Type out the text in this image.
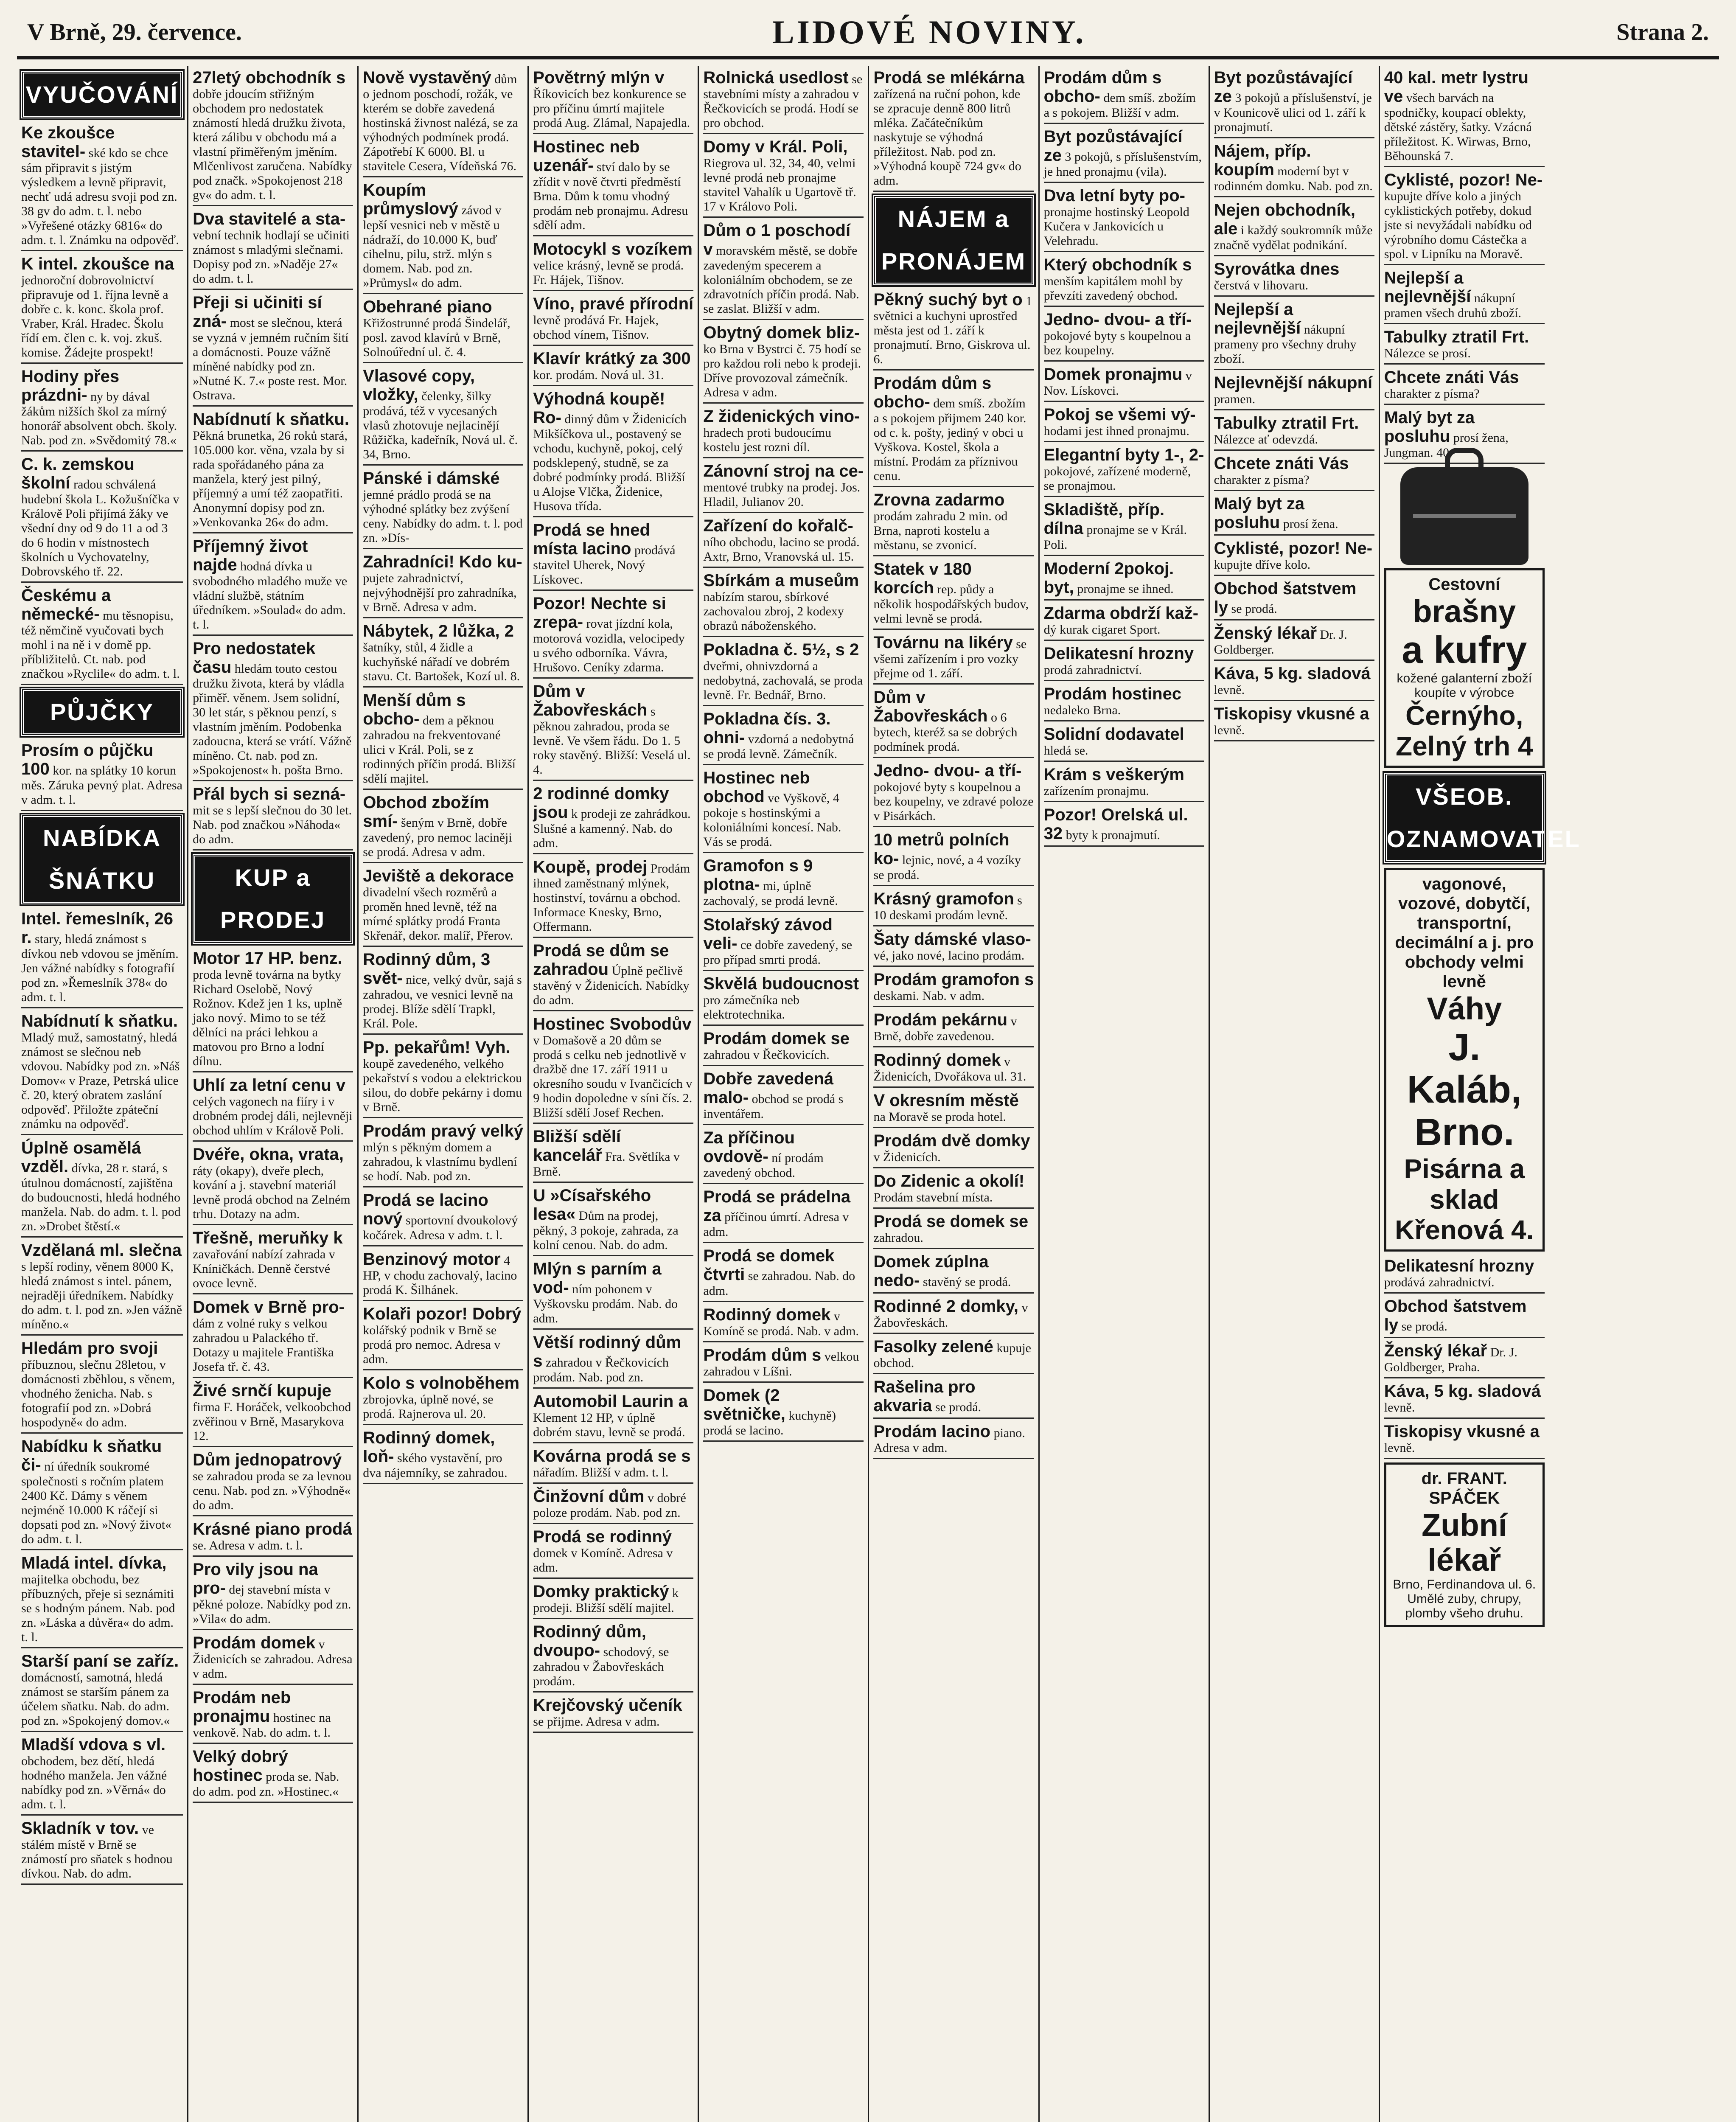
V Brně, 29. července.	LIDOVÉ NOVINY.	Strana 2.
VYUČOVÁNÍ
Ke zkoušce stavitel- ské kdo se chce sám připravit s jistým výsledkem a levně připravit, nechť udá adresu svoji pod zn. 38 gv do adm. t. l. nebo »Vyřešené otázky 6816« do adm. t. l. Známku na odpověď.

K intel. zkoušce na

jednoroční dobrovolnictví připravuje od 1. října levně a dobře c. k. konc. škola prof. Vraber, Král. Hradec. Školu řídí em. člen c. k. voj. zkuš. komise. Žádejte prospekt!

Hodiny přes prázdni- ny by dával žákům nižších škol za mírný honorář absolvent obch. školy. Nab. pod zn. »Svědomitý 78.«

C. k. zemskou školní radou schválená hudební škola L. Kožušníčka v Králově Poli přijímá žáky ve všední dny od 9 do 11 a od 3 do 6 hodin v místnostech školních u Vychovatelny, Dobrovského tř. 22.

Českému a německé- mu těsnopisu, též němčině vyučovati bych mohl i na ně i v domě pp. příbližitelů. Ct. nab. pod značkou »Ryclile« do adm. t. l.

PŮJČKY
Prosím o půjčku 100 kor. na splátky 10 korun měs. Záruka pevný plat. Adresa v adm. t. l.

NABÍDKA ŠNÁTKU
Intel. řemeslník, 26 r. stary, hledá známost s dívkou neb vdovou se jměním. Jen vážné nabídky s fotografií pod zn. »Řemeslník 378« do adm. t. l.

Nabídnutí k sňatku.

Mladý muž, samostatný, hledá známost se slečnou neb vdovou. Nabídky pod zn. »Náš Domov« v Praze, Petrská ulice č. 20, který obratem zaslání odpověď. Přiložte zpáteční známku na odpověď.

Úplně osamělá vzděl. dívka, 28 r. stará, s útulnou domácností, zajištěna do budoucnosti, hledá hodného manžela. Nab. do adm. t. l. pod zn. »Drobet štěstí.«

Vzdělaná ml. slečna

s lepší rodiny, věnem 8000 K, hledá známost s intel. pánem, nejraději úředníkem. Nabídky do adm. t. l. pod zn. »Jen vážně míněno.«

Hledám pro svoji

příbuznou, slečnu 28letou, v domácnosti zběhlou, s věnem, vhodného ženicha. Nab. s fotografií pod zn. »Dobrá hospodyně« do adm.

Nabídku k sňatku či- ní úředník soukromé společnosti s ročním platem 2400 Kč. Dámy s věnem nejméně 10.000 K ráčejí si dopsati pod zn. »Nový život« do adm. t. l.

Mladá intel. dívka,

majitelka obchodu, bez příbuzných, přeje si seznámiti se s hodným pánem. Nab. pod zn. »Láska a důvěra« do adm. t. l.

Starší paní se zaříz.

domácností, samotná, hledá známost se starším pánem za účelem sňatku. Nab. do adm. pod zn. »Spokojený domov.«

Mladší vdova s vl.

obchodem, bez dětí, hledá hodného manžela. Jen vážné nabídky pod zn. »Věrná« do adm. t. l.

Skladník v tov. ve stálém místě v Brně se známostí pro sňatek s hodnou dívkou. Nab. do adm.

27letý obchodník s

dobře jdoucím střižným obchodem pro nedostatek známostí hledá družku života, která zálibu v obchodu má a vlastní přiměřeným jměním. Mlčenlivost zaručena. Nabídky pod značk. »Spokojenost 218 gv« do adm. t. l.

Dva stavitelé a sta-

vební technik hodlají se učiniti známost s mladými slečnami. Dopisy pod zn. »Naděje 27« do adm. t. l.

Přeji si učiniti sí zná- most se slečnou, která se vyzná v jemném ručním šití a domácnosti. Pouze vážně míněné nabídky pod zn. »Nutné K. 7.« poste rest. Mor. Ostrava.

Nabídnutí k sňatku.

Pěkná brunetka, 26 roků stará, 105.000 kor. věna, vzala by si rada spořádaného pána za manžela, který jest pilný, příjemný a umí též zaopatřiti. Anonymní dopisy pod zn. »Venkovanka 26« do adm.

Příjemný život najde hodná dívka u svobodného mladého muže ve vládní službě, státním úředníkem. »Soulad« do adm. t. l.

Pro nedostatek času hledám touto cestou družku života, která by vládla přiměř. věnem. Jsem solidní, 30 let stár, s pěknou penzí, s vlastním jměním. Podobenka zadoucna, která se vrátí. Vážně míněno. Ct. nab. pod zn. »Spokojenost« h. pošta Brno.

Přál bych si sezná-

mit se s lepší slečnou do 30 let. Nab. pod značkou »Náhoda« do adm.

KUP a PRODEJ
Motor 17 HP. benz.

proda levně továrna na bytky Richard Oselobě, Nový Rožnov. Kdež jen 1 ks, uplně jako nový. Mimo to se též dělníci na práci lehkou a matovou pro Brno a lodní dílnu.

Uhlí za letní cenu v

celých vagonech na fiíry i v drobném prodej dáli, nejlevněji obchod uhlím v Králově Poli.

Dvéře, okna, vrata,

ráty (okapy), dveře plech, kování a j. stavební materiál levně prodá obchod na Zelném trhu. Dotazy na adm.

Třešně, meruňky k

zavařování nabízí zahrada v Kníničkách. Denně čerstvé ovoce levně.

Domek v Brně pro-

dám z volné ruky s velkou zahradou u Palackého tř. Dotazy u majitele Františka Josefa tř. č. 43.

Živé srnčí kupuje

firma F. Horáček, velkoobchod zvěřinou v Brně, Masarykova 12.

Dům jednopatrový

se zahradou proda se za levnou cenu. Nab. pod zn. »Výhodně« do adm.

Krásné piano prodá

se. Adresa v adm. t. l.

Pro vily jsou na pro- dej stavební místa v pěkné poloze. Nabídky pod zn. »Vila« do adm.

Prodám domek v Židenicích se zahradou. Adresa v adm.

Prodám neb pronajmu hostinec na venkově. Nab. do adm. t. l.

Velký dobrý hostinec proda se. Nab. do adm. pod zn. »Hostinec.«

Nově vystavěný dům o jednom poschodí, rožák, ve kterém se dobře zavedená hostinská živnost nalézá, se za výhodných podmínek prodá. Zápotřebí K 6000. Bl. u stavitele Cesera, Vídeňská 76.

Koupím průmyslový závod v lepší vesnici neb v městě u nádraží, do 10.000 K, buď cihelnu, pilu, strž. mlýn s domem. Nab. pod zn. »Průmysl« do adm.

Obehrané piano

Křižostrunné prodá Šindelář, posl. zavod klavírů v Brně, Solnoúřední ul. č. 4.

Vlasové copy, vložky, čelenky, šilky prodává, též v vycesaných vlasů zhotovuje nejlacinějí Růžička, kadeřník, Nová ul. č. 34, Brno.

Pánské i dámské

jemné prádlo prodá se na výhodné splátky bez zvýšení ceny. Nabídky do adm. t. l. pod zn. »Dís-

Zahradníci! Kdo ku-

pujete zahradnictví, nejvýhodnější pro zahradníka, v Brně. Adresa v adm.

Nábytek, 2 lůžka, 2

šatníky, stůl, 4 židle a kuchyňské nářadí ve dobrém stavu. Ct. Bartošek, Kozí ul. 8.

Menší dům s obcho- dem a pěknou zahradou na frekventované ulici v Král. Poli, se z rodinných příčin prodá. Bližší sdělí majitel.

Obchod zbožím smí- šeným v Brně, dobře zavedený, pro nemoc laciněji se prodá. Adresa v adm.

Jeviště a dekorace

divadelní všech rozměrů a proměn hned levně, též na mírné splátky prodá Franta Skřenář, dekor. malíř, Přerov.

Rodinný dům, 3 svět- nice, velký dvůr, sajá s zahradou, ve vesnici levně na prodej. Blíže sdělí Trapkl, Král. Pole.

Pp. pekařům! Vyh.

koupě zavedeného, velkého pekařství s vodou a elektrickou silou, do dobře pekárny i domu v Brně.

Prodám pravý velký

mlýn s pěkným domem a zahradou, k vlastnímu bydlení se hodí. Nab. pod zn.

Prodá se lacino nový sportovní dvoukolový kočárek. Adresa v adm. t. l.

Benzinový motor 4 HP, v chodu zachovalý, lacino prodá K. Šilhánek.

Kolaři pozor! Dobrý

kolářský podnik v Brně se prodá pro nemoc. Adresa v adm.

Kolo s volnoběhem

zbrojovka, úplně nové, se prodá. Rajnerova ul. 20.

Rodinný domek, loň- ského vystavění, pro dva nájemníky, se zahradou.

Povětrný mlýn v

Říkovicích bez konkurence se pro příčinu úmrtí majitele prodá Aug. Zlámal, Napajedla.

Hostinec neb uzenář- ství dalo by se zřídit v nově čtvrti předměstí Brna. Dům k tomu vhodný prodám neb pronajmu. Adresu sdělí adm.

Motocykl s vozíkem

velice krásný, levně se prodá. Fr. Hájek, Tišnov.

Víno, pravé přírodní

levně prodává Fr. Hajek, obchod vínem, Tišnov.

Klavír krátký za 300

kor. prodám. Nová ul. 31.

Výhodná koupě! Ro- dinný dům v Židenicích Mikšíčkova ul., postavený se vchodu, kuchyně, pokoj, celý podsklepený, studně, se za dobré podmínky prodá. Bližší u Alojse Vlčka, Židenice, Husova třída.

Prodá se hned místa lacino prodává stavitel Uherek, Nový Lískovec.

Pozor! Nechte si zrepa- rovat jízdní kola, motorová vozidla, velocipedy u svého odborníka. Vávra, Hrušovo. Ceníky zdarma.

Dům v Žabovřeskách s pěknou zahradou, proda se levně. Ve všem řádu. Do 1. 5 roky stavěný. Bližší: Veselá ul. 4.

2 rodinné domky jsou k prodeji ze zahrádkou. Slušné a kamenný. Nab. do adm.

Koupě, prodej Prodám ihned zaměstnaný mlýnek, hostinství, továrnu a obchod. Informace Knesky, Brno, Offermann.

Prodá se dům se zahradou Úplně pečlivě stavěný v Židenicích. Nabídky do adm.

Hostinec Svobodův

v Domašově a 20 dům se prodá s celku neb jednotlivě v dražbě dne 17. září 1911 u okresního soudu v Ivančicích v 9 hodin dopoledne v síni čís. 2. Bližší sdělí Josef Rechen.

Bližší sdělí kancelář Fra. Světlíka v Brně.

U »Císařského lesa« Dům na prodej, pěkný, 3 pokoje, zahrada, za kolní cenou. Nab. do adm.

Mlýn s parním a vod- ním pohonem v Vyškovsku prodám. Nab. do adm.

Větší rodinný dům s zahradou v Řečkovicích prodám. Nab. pod zn.

Automobil Laurin a

Klement 12 HP, v úplně dobrém stavu, levně se prodá.

Kovárna prodá se s

nářadím. Bližší v adm. t. l.

Činžovní dům v dobré poloze prodám. Nab. pod zn.

Prodá se rodinný

domek v Komíně. Adresa v adm.

Domky praktický k prodeji. Bližší sdělí majitel.

Rodinný dům, dvoupo- schodový, se zahradou v Žabovřeskách prodám.

Krejčovský učeník

se přijme. Adresa v adm.

Rolnická usedlost se stavebními místy a zahradou v Řečkovicích se prodá. Hodí se pro obchod.

Domy v Král. Poli,

Riegrova ul. 32, 34, 40, velmi levné prodá neb pronajme stavitel Vahalík u Ugartově tř. 17 v Královo Poli.

Dům o 1 poschodí v moravském městě, se dobře zavedeným specerem a koloniálním obchodem, se ze zdravotních příčin prodá. Nab. se zaslat. Bližší v adm.

Obytný domek bliz-

ko Brna v Bystrci č. 75 hodí se pro každou roli nebo k prodeji. Dříve provozoval zámečník. Adresa v adm.

Z židenických vino-

hradech proti budoucímu kostelu jest rozni díl.

Zánovní stroj na ce-

mentové trubky na prodej. Jos. Hladil, Julianov 20.

Zařízení do kořalč-

ního obchodu, lacino se prodá. Axtr, Brno, Vranovská ul. 15.

Sbírkám a museům

nabízím starou, sbírkové zachovalou zbroj, 2 kodexy obrazů náboženského.

Pokladna č. 5½, s 2

dveřmi, ohnivzdorná a nedobytná, zachovalá, se proda levně. Fr. Bednář, Brno.

Pokladna čís. 3. ohni- vzdorná a nedobytná se prodá levně. Zámečník.

Hostinec neb obchod ve Vyškově, 4 pokoje s hostinskými a koloniálními koncesí. Nab. Vás se prodá.

Gramofon s 9 plotna- mi, úplně zachovalý, se prodá levně.

Stolařský závod veli- ce dobře zavedený, se pro případ smrti prodá.

Skvělá budoucnost

pro zámečníka neb elektrotechnika.

Prodám domek se

zahradou v Řečkovicích.

Dobře zavedená malo- obchod se prodá s inventářem.

Za příčinou ovdově- ní prodám zavedený obchod.

Prodá se prádelna za příčinou úmrtí. Adresa v adm.

Prodá se domek čtvrti se zahradou. Nab. do adm.

Rodinný domek v Komíně se prodá. Nab. v adm.

Prodám dům s velkou zahradou v Líšni.

Domek (2 světničke, kuchyně) prodá se lacino.

Prodá se mlékárna

zařízená na ruční pohon, kde se zpracuje denně 800 litrů mléka. Začátečníkům naskytuje se výhodná příležitost. Nab. pod zn. »Výhodná koupě 724 gv« do adm.

NÁJEM a PRONÁJEM
Pěkný suchý byt o 1 světnici a kuchyni uprostřed města jest od 1. září k pronajmutí. Brno, Giskrova ul. 6.

Prodám dům s obcho- dem smíš. zbožím a s pokojem přijmem 240 kor. od c. k. pošty, jediný v obci u Vyškova. Kostel, škola a místní. Prodám za příznivou cenu.

Zrovna zadarmo

prodám zahradu 2 min. od Brna, naproti kostelu a městanu, se zvonicí.

Statek v 180 korcích rep. půdy a několik hospodářských budov, velmi levně se prodá.

Továrnu na likéry se všemi zařízením i pro vozky přejme od 1. září.

Dům v Žabovřeskách o 6 bytech, kteréž sa se dobrých podmínek prodá.

Jedno- dvou- a tří-

pokojové byty s koupelnou a bez koupelny, ve zdravé poloze v Pisárkách.

10 metrů polních ko- lejnic, nové, a 4 vozíky se prodá.

Krásný gramofon s 10 deskami prodám levně.

Šaty dámské vlaso-

vé, jako nové, lacino prodám.

Prodám gramofon s

deskami. Nab. v adm.

Prodám pekárnu v Brně, dobře zavedenou.

Rodinný domek v Židenicích, Dvořákova ul. 31.

V okresním městě

na Moravě se proda hotel.

Prodám dvě domky

v Židenicích.

Do Zidenic a okolí!

Prodám stavební místa.

Prodá se domek se

zahradou.

Domek zúplna nedo- stavěný se prodá.

Rodinné 2 domky, v Žabovřeskách.

Fasolky zelené kupuje obchod.

Rašelina pro akvaria se prodá.

Prodám lacino piano. Adresa v adm.

Prodám dům s obcho- dem smíš. zbožím a s pokojem. Bližší v adm.

Byt pozůstávající ze 3 pokojů, s příslušenstvím, je hned pronajmu (vila).

Dva letní byty po-

pronajme hostinský Leopold Kučera v Jankovicích u Velehradu.

Který obchodník s

menším kapitálem mohl by převzíti zavedený obchod.

Jedno- dvou- a tří-

pokojové byty s koupelnou a bez koupelny.

Domek pronajmu v Nov. Lískovci.

Pokoj se všemi vý-

hodami jest ihned pronajmu.

Elegantní byty 1-, 2-

pokojové, zařízené moderně, se pronajmou.

Skladiště, příp. dílna pronajme se v Král. Poli.

Moderní 2pokoj. byt, pronajme se ihned.

Zdarma obdrží kaž-

dý kurak cigaret Sport.

Delikatesní hrozny

prodá zahradnictví.

Prodám hostinec

nedaleko Brna.

Solidní dodavatel

hledá se.

Krám s veškerým

zařízením pronajmu.

Pozor! Orelská ul. 32 byty k pronajmutí.

Byt pozůstávající ze 3 pokojů a příslušenství, je v Kounicově ulici od 1. září k pronajmutí.

Nájem, příp. koupím moderní byt v rodinném domku. Nab. pod zn.

Nejen obchodník, ale i každý soukromník může značně vydělat podnikání.

Syrovátka dnes

čerstvá v lihovaru.

Nejlepší a nejlevnější nákupní prameny pro všechny druhy zboží.

Nejlevnější nákupní

pramen.

Tabulky ztratil Frt.

Nálezce ať odevzdá.

Chcete znáti Vás

charakter z písma?

Malý byt za posluhu prosí žena.

Cyklisté, pozor! Ne-

kupujte dříve kolo.

Obchod šatstvem ly se prodá.

Ženský lékař Dr. J. Goldberger.

Káva, 5 kg. sladová

levně.

Tiskopisy vkusné a

levně.

40 kal. metr lystru ve všech barvách na spodničky, koupací oblekty, dětské zástěry, šatky. Vzácná příležitost. K. Wirwas, Brno, Běhounská 7.

Cyklisté, pozor! Ne-

kupujte dříve kolo a jiných cyklistických potřeby, dokud jste si nevyžádali nabídku od výrobního domu Cástečka a spol. v Lipníku na Moravě.

Nejlepší a nejlevnější nákupní pramen všech druhů zboží.

Tabulky ztratil Frt.

Nálezce se prosí.

Chcete znáti Vás

charakter z písma?

Malý byt za posluhu prosí žena, Jungman. 40.

Cestovní
brašny
a kufry
kožené galanterní zboží koupíte v výrobce
Černýho, Zelný trh 4
VŠEOB. OZNAMOVATEL
vagonové, vozové, dobytčí, transportní, decimální a j. pro obchody velmi levně
Váhy
J. Kaláb, Brno.
Pisárna a sklad Křenová 4.
Delikatesní hrozny

prodává zahradnictví.

Obchod šatstvem ly se prodá.

Ženský lékař Dr. J. Goldberger, Praha.

Káva, 5 kg. sladová

levně.

Tiskopisy vkusné a

levně.

dr. FRANT. SPÁČEK
Zubní lékař
Brno, Ferdinandova ul. 6. Umělé zuby, chrupy, plomby všeho druhu.
